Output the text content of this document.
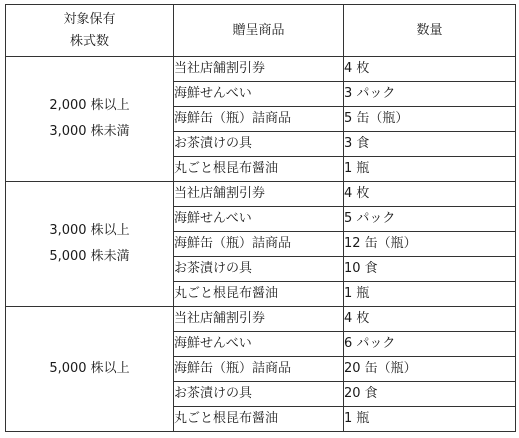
対象保有
株式数	贈呈商品	数量

2,000 株以上
3,000 株未満	当社店舗割引券	4 枚
	海鮮せんべい	3 パック
	海鮮缶（瓶）詰商品	5 缶（瓶）
	お茶漬けの具	3 食
	丸ごと根昆布醤油	1 瓶

3,000 株以上
5,000 株未満	当社店舗割引券	4 枚
	海鮮せんべい	5 パック
	海鮮缶（瓶）詰商品	12 缶（瓶）
	お茶漬けの具	10 食
	丸ごと根昆布醤油	1 瓶

5,000 株以上	当社店舗割引券	4 枚
	海鮮せんべい	6 パック
	海鮮缶（瓶）詰商品	20 缶（瓶）
	お茶漬けの具	20 食
	丸ごと根昆布醤油	1 瓶
